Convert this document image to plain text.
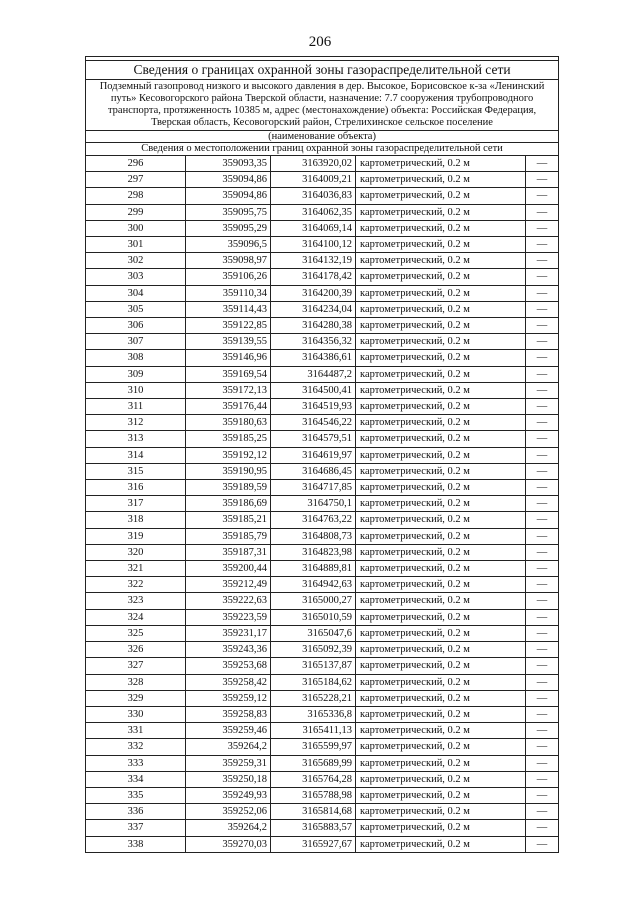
206

Сведения о границах охранной зоны газораспределительной сети				
Подземный газопровод низкого и высокого давления в дер. Высокое, Борисовское к-за «Ленинский путь» Кесовогорского района Тверской области, назначение: 7.7 сооружения трубопроводного транспорта, протяженность 10385 м, адрес (местонахождение) объекта: Российская Федерация, Тверская область, Кесовогорский район, Стрелихинское сельское поселение				
(наименование объекта)				
Сведения о местоположении границ охранной зоны газораспределительной сети				
296	359093,35	3163920,02	картометрический, 0.2 м	—
297	359094,86	3164009,21	картометрический, 0.2 м	—
298	359094,86	3164036,83	картометрический, 0.2 м	—
299	359095,75	3164062,35	картометрический, 0.2 м	—
300	359095,29	3164069,14	картометрический, 0.2 м	—
301	359096,5	3164100,12	картометрический, 0.2 м	—
302	359098,97	3164132,19	картометрический, 0.2 м	—
303	359106,26	3164178,42	картометрический, 0.2 м	—
304	359110,34	3164200,39	картометрический, 0.2 м	—
305	359114,43	3164234,04	картометрический, 0.2 м	—
306	359122,85	3164280,38	картометрический, 0.2 м	—
307	359139,55	3164356,32	картометрический, 0.2 м	—
308	359146,96	3164386,61	картометрический, 0.2 м	—
309	359169,54	3164487,2	картометрический, 0.2 м	—
310	359172,13	3164500,41	картометрический, 0.2 м	—
311	359176,44	3164519,93	картометрический, 0.2 м	—
312	359180,63	3164546,22	картометрический, 0.2 м	—
313	359185,25	3164579,51	картометрический, 0.2 м	—
314	359192,12	3164619,97	картометрический, 0.2 м	—
315	359190,95	3164686,45	картометрический, 0.2 м	—
316	359189,59	3164717,85	картометрический, 0.2 м	—
317	359186,69	3164750,1	картометрический, 0.2 м	—
318	359185,21	3164763,22	картометрический, 0.2 м	—
319	359185,79	3164808,73	картометрический, 0.2 м	—
320	359187,31	3164823,98	картометрический, 0.2 м	—
321	359200,44	3164889,81	картометрический, 0.2 м	—
322	359212,49	3164942,63	картометрический, 0.2 м	—
323	359222,63	3165000,27	картометрический, 0.2 м	—
324	359223,59	3165010,59	картометрический, 0.2 м	—
325	359231,17	3165047,6	картометрический, 0.2 м	—
326	359243,36	3165092,39	картометрический, 0.2 м	—
327	359253,68	3165137,87	картометрический, 0.2 м	—
328	359258,42	3165184,62	картометрический, 0.2 м	—
329	359259,12	3165228,21	картометрический, 0.2 м	—
330	359258,83	3165336,8	картометрический, 0.2 м	—
331	359259,46	3165411,13	картометрический, 0.2 м	—
332	359264,2	3165599,97	картометрический, 0.2 м	—
333	359259,31	3165689,99	картометрический, 0.2 м	—
334	359250,18	3165764,28	картометрический, 0.2 м	—
335	359249,93	3165788,98	картометрический, 0.2 м	—
336	359252,06	3165814,68	картометрический, 0.2 м	—
337	359264,2	3165883,57	картометрический, 0.2 м	—
338	359270,03	3165927,67	картометрический, 0.2 м	—
